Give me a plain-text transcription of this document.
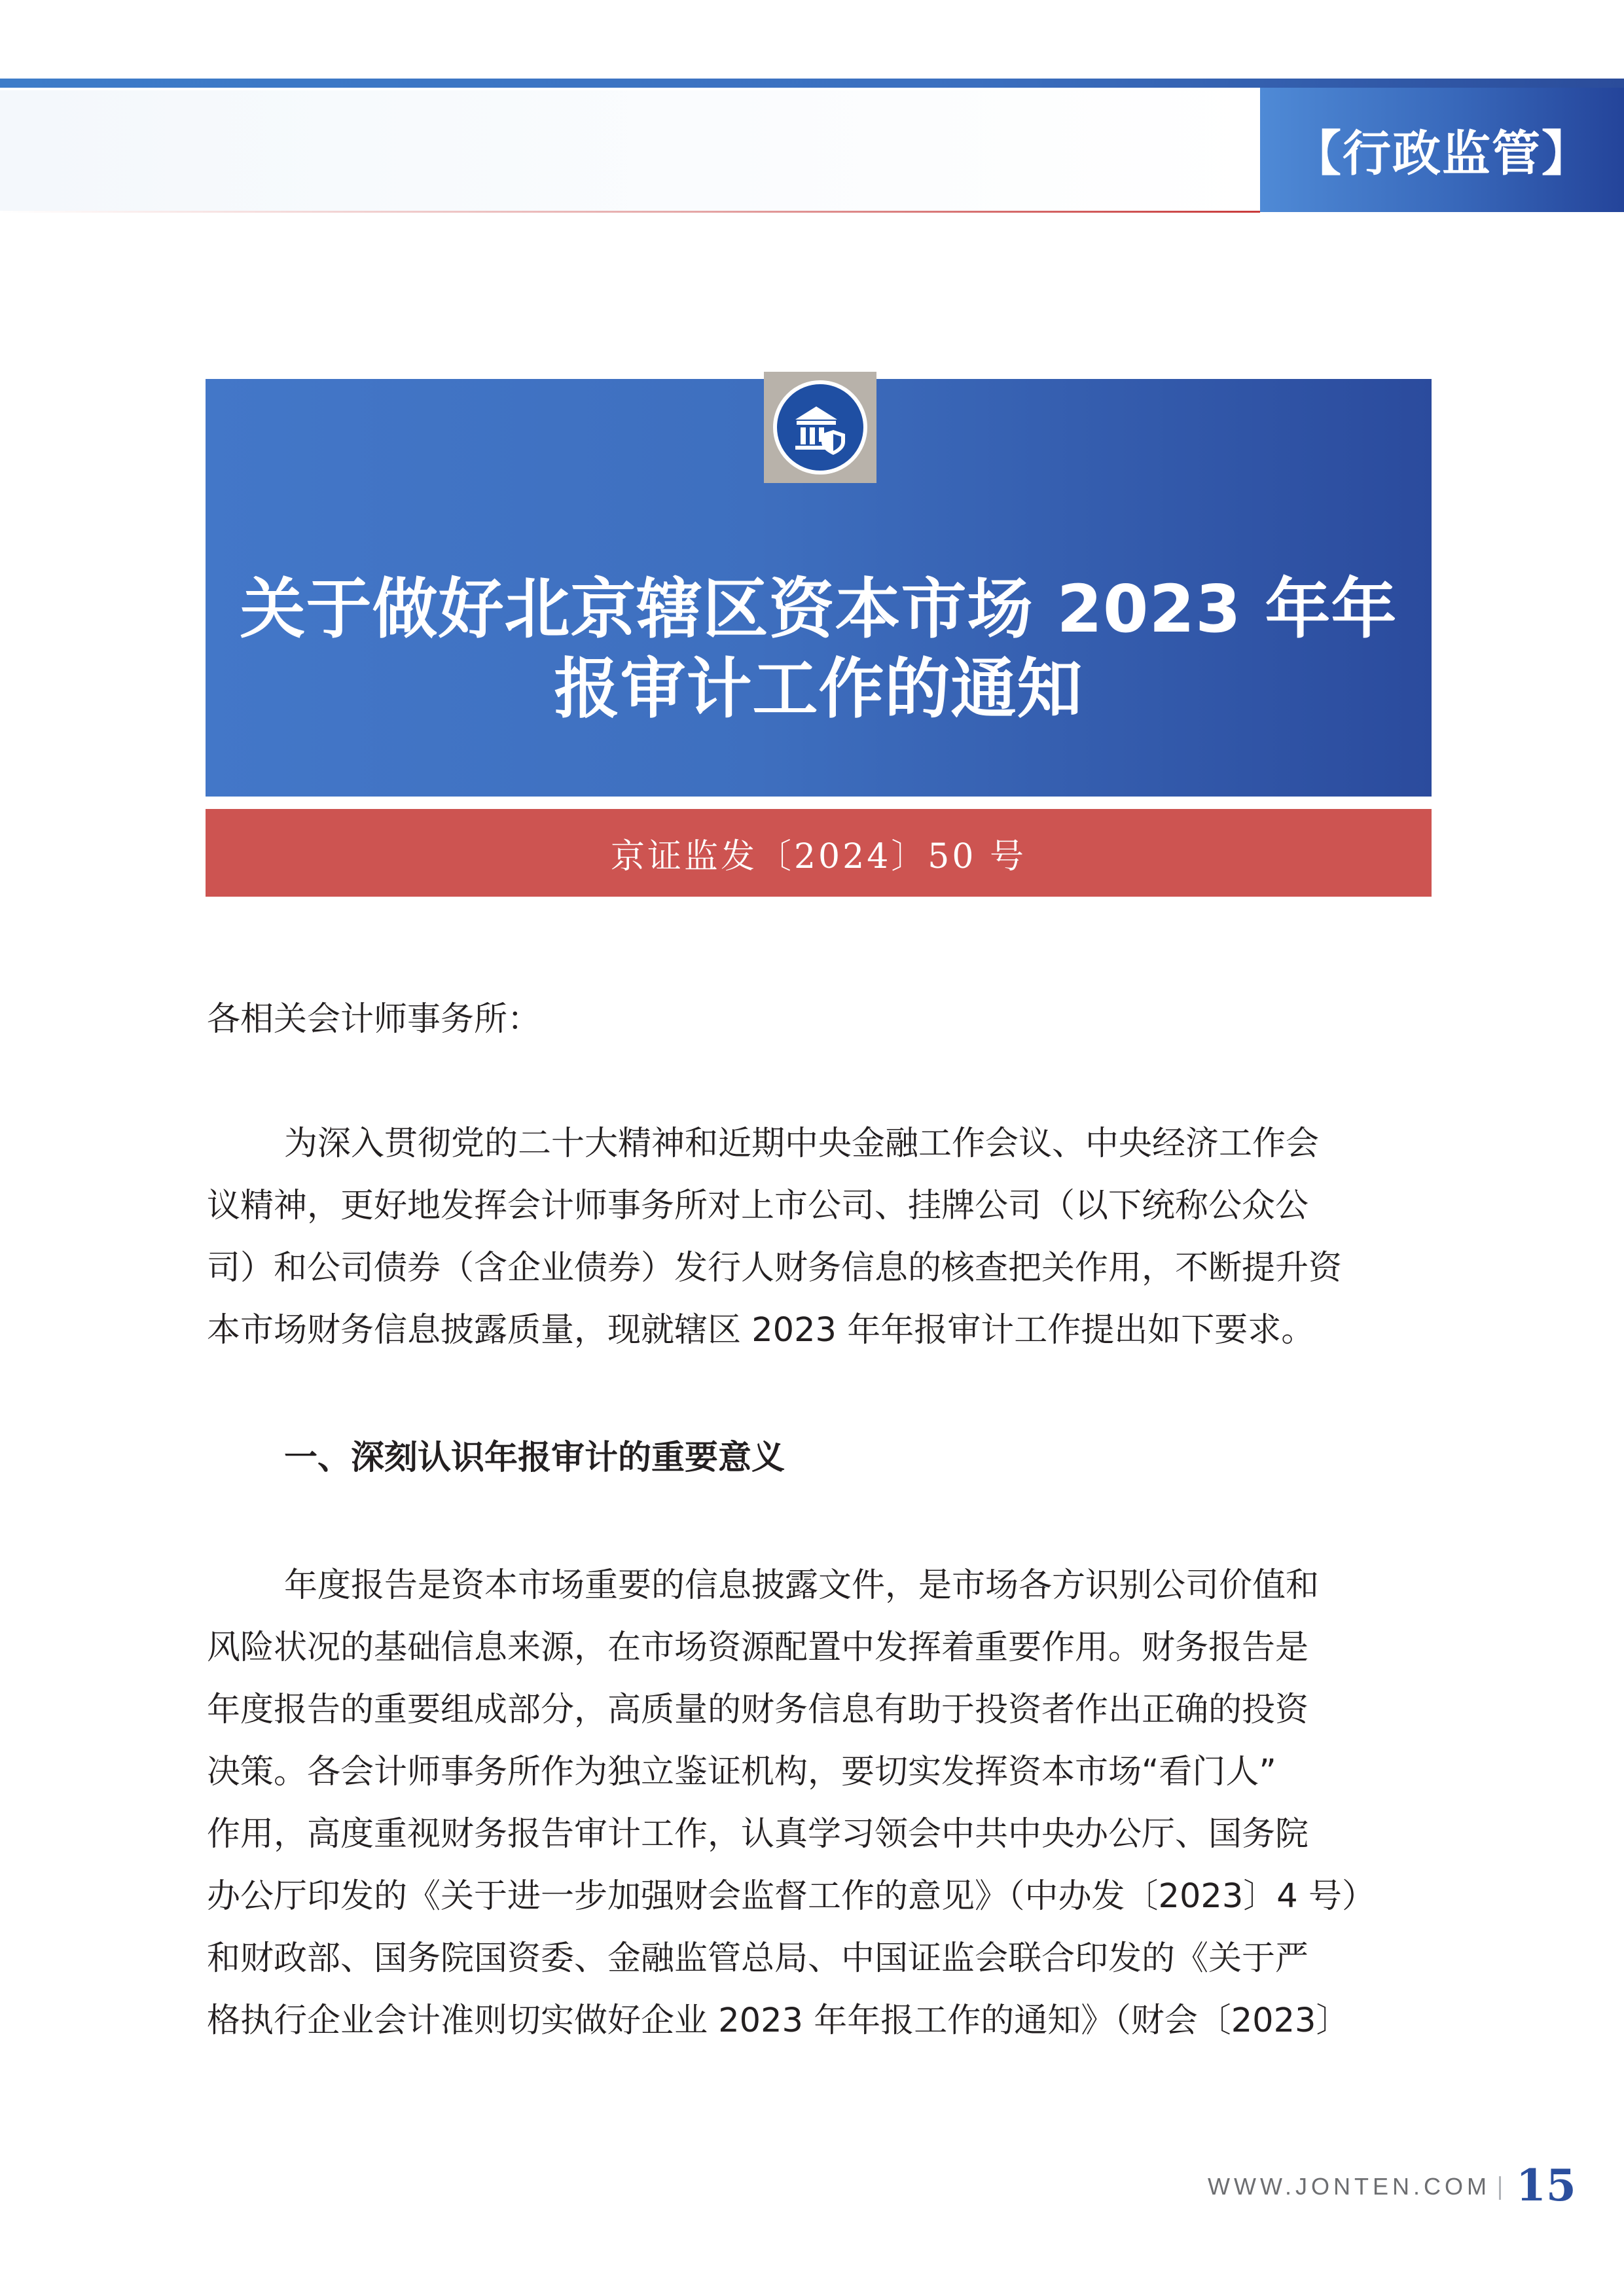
【行政监管】
关于做好北京辖区资本市场 2023 年年
报审计工作的通知
京证监发〔2024〕50 号
各相关会计师事务所：
为深入贯彻党的二十大精神和近期中央金融工作会议、中央经济工作会
议精神，更好地发挥会计师事务所对上市公司、挂牌公司（以下统称公众公
司）和公司债券（含企业债券）发行人财务信息的核查把关作用，不断提升资
本市场财务信息披露质量，现就辖区 2023 年年报审计工作提出如下要求。
一、深刻认识年报审计的重要意义
年度报告是资本市场重要的信息披露文件，是市场各方识别公司价值和
风险状况的基础信息来源，在市场资源配置中发挥着重要作用。财务报告是
年度报告的重要组成部分，高质量的财务信息有助于投资者作出正确的投资
决策。各会计师事务所作为独立鉴证机构，要切实发挥资本市场“看门人”
作用，高度重视财务报告审计工作，认真学习领会中共中央办公厅、国务院
办公厅印发的《关于进一步加强财会监督工作的意见》（中办发〔2023〕4 号）
和财政部、国务院国资委、金融监管总局、中国证监会联合印发的《关于严
格执行企业会计准则切实做好企业 2023 年年报工作的通知》（财会〔2023〕
WWW.JONTEN.COM 15
